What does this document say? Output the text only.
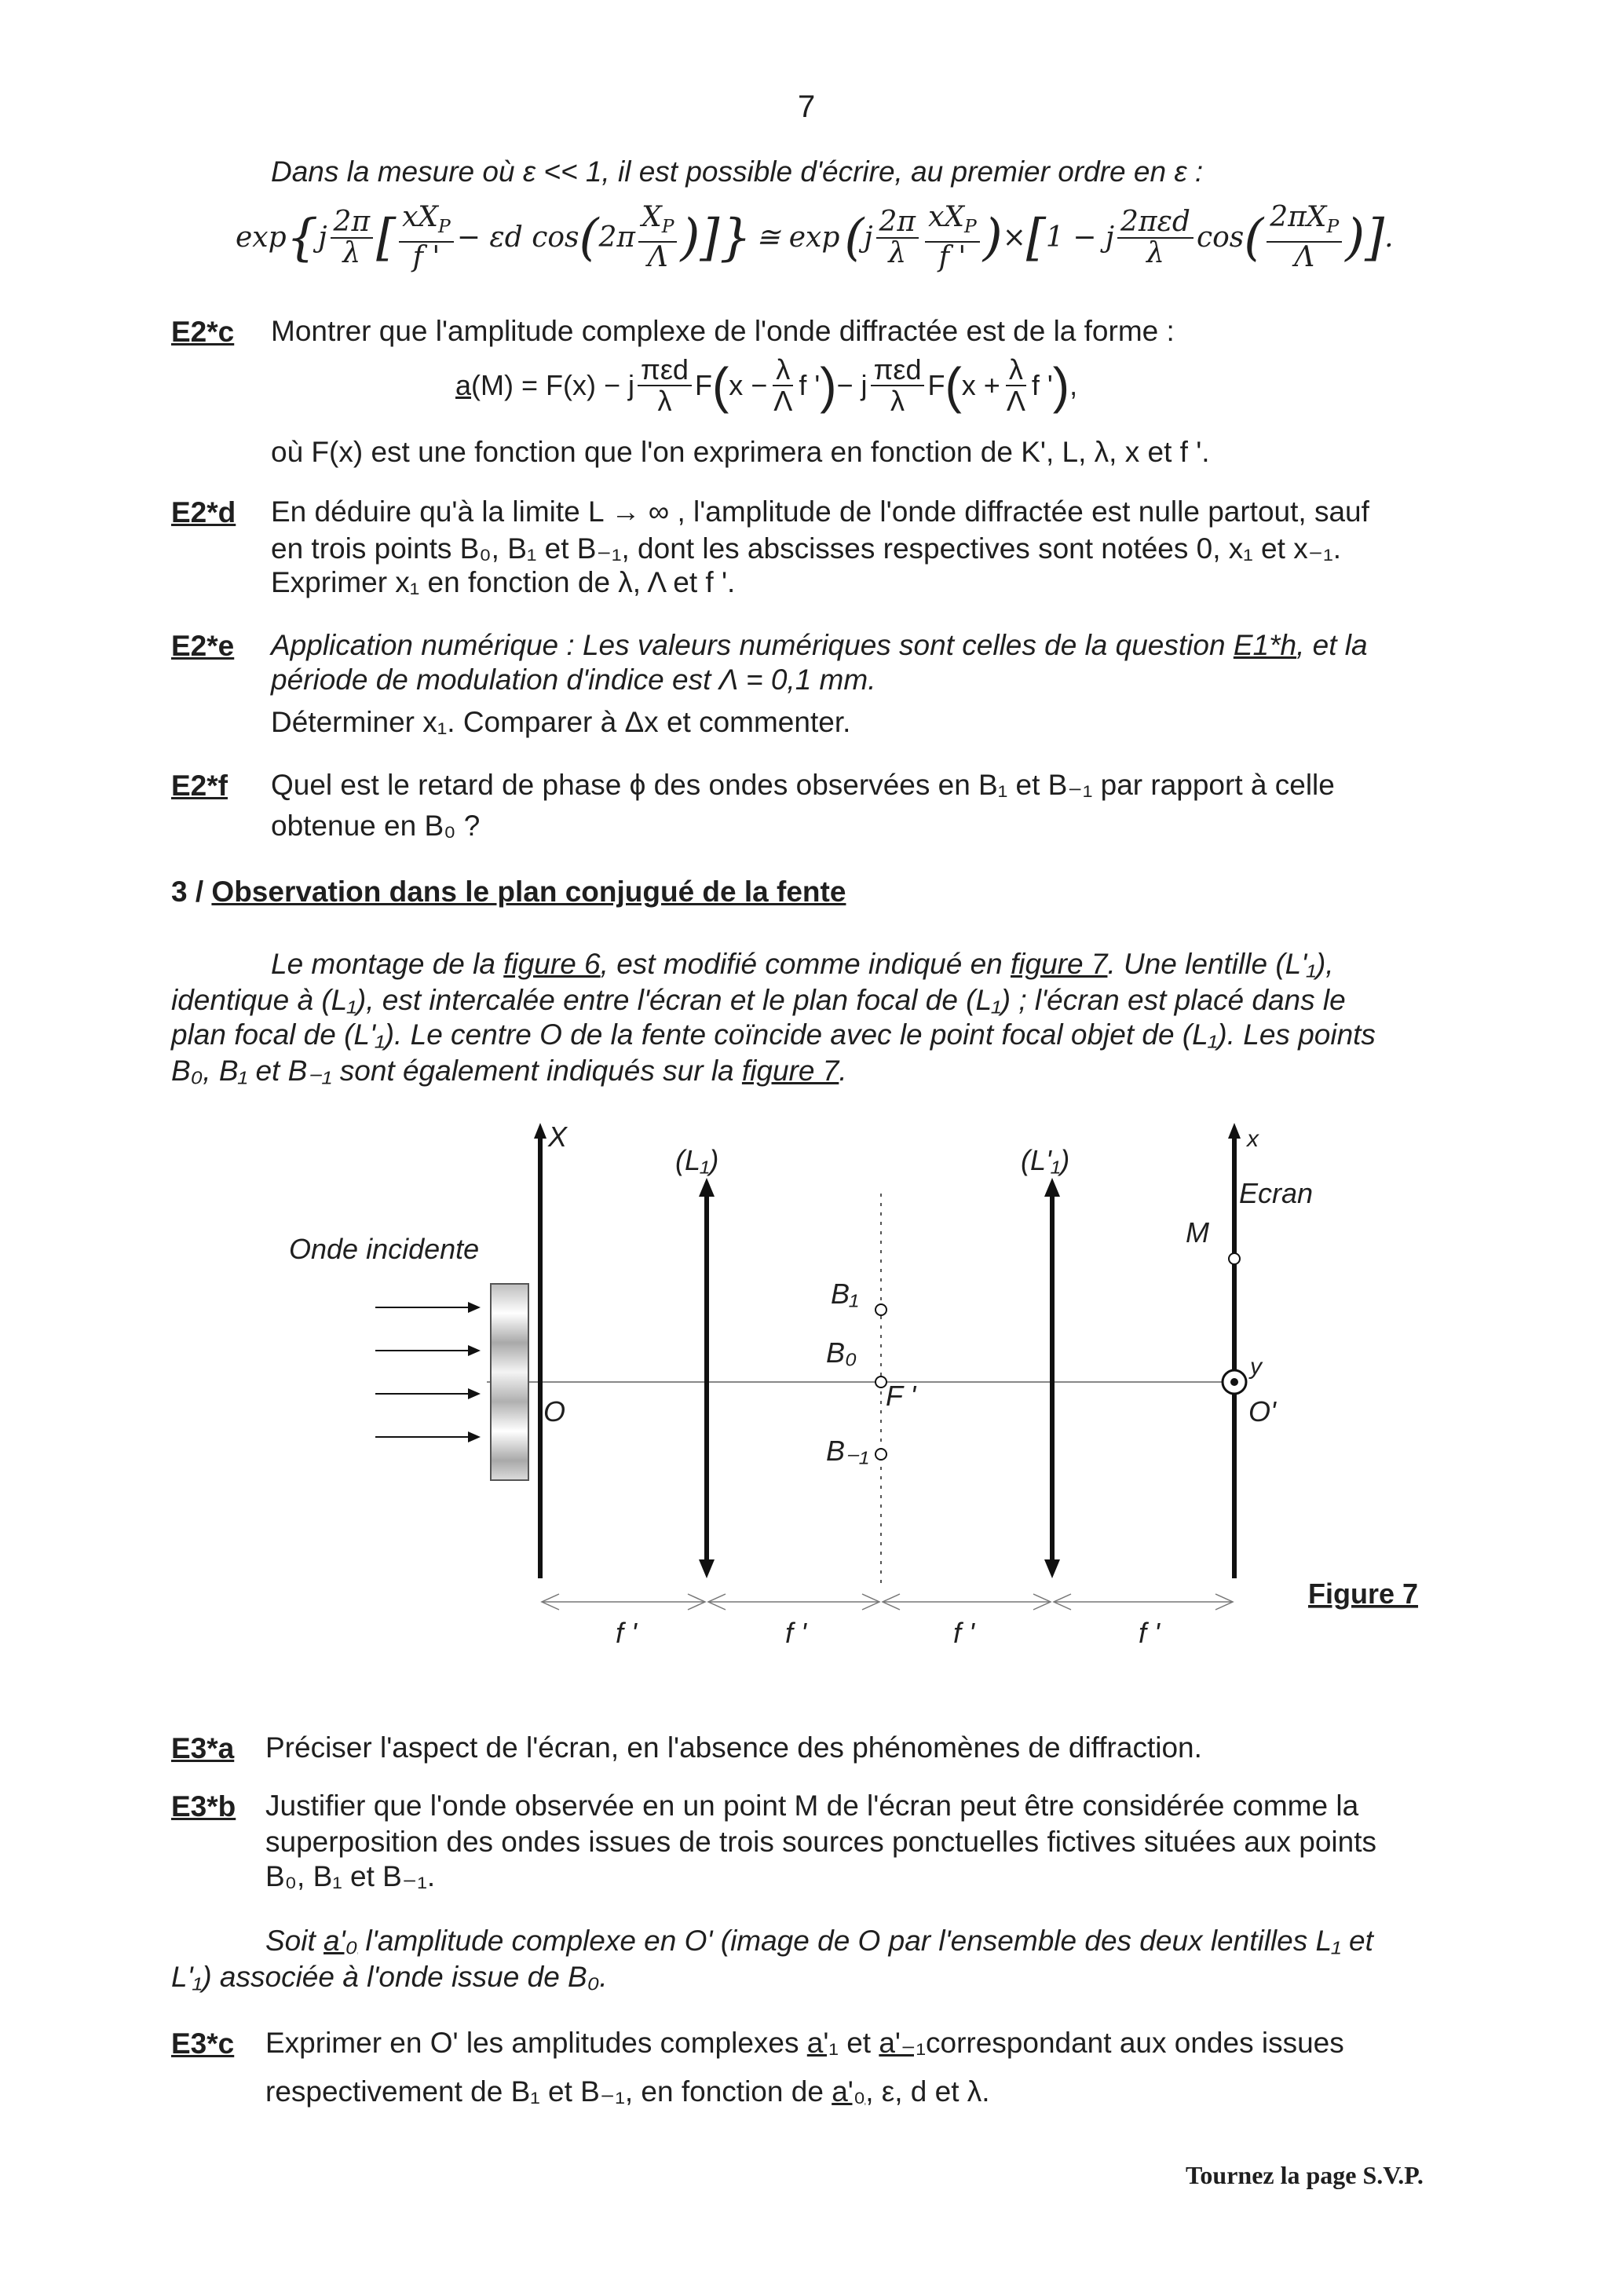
7
Dans la mesure où ε << 1, il est possible d'écrire, au premier ordre en ε :
exp { j $\frac{2\pi}{\lambda}$ [ $\frac{xX_P}{f '} - \varepsilon d$ cos ( $2\pi \frac{X_P}{\Lambda}$ )]} ≅ exp ( j $\frac{2\pi}{\lambda} \frac{xX_P}{f '}$ ) × [ 1 − j $\frac{\text{2πεd}}{\lambda}$ cos ( $\frac{2\pi X_P}{\Lambda}$ )] .
E2*c Montrer que l'amplitude complexe de l'onde diffractée est de la forme :
a (M) = F(x) − j $\frac{\text{πεd}}{\lambda}$ F ( $x - \frac{\lambda}{\Lambda}$ f ' ) − j $\frac{\text{πεd}}{\lambda}$ F ( $x + \frac{\lambda}{\Lambda}$ f ' ) ,
où F(x) est une fonction que l'on exprimera en fonction de K', L, λ, x et f '.
E2*d En déduire qu'à la limite L → ∞ , l'amplitude de l'onde diffractée est nulle partout, sauf
en trois points B₀, B₁ et B₋₁, dont les abscisses respectives sont notées 0, x₁ et x₋₁.
Exprimer x₁ en fonction de λ, Λ et f '.
E2*e Application numérique : Les valeurs numériques sont celles de la question E1*h, et la
période de modulation d'indice est Λ = 0,1 mm.
Déterminer x₁. Comparer à Δx et commenter.
E2*f Quel est le retard de phase ϕ des ondes observées en B₁ et B₋₁ par rapport à celle
obtenue en B₀ ?
3 / Observation dans le plan conjugué de la fente
Le montage de la figure 6, est modifié comme indiqué en figure 7. Une lentille (L'₁),
identique à (L₁), est intercalée entre l'écran et le plan focal de (L₁) ; l'écran est placé dans le
plan focal de (L'₁). Le centre O de la fente coïncide avec le point focal objet de (L₁). Les points
B₀, B₁ et B₋₁ sont également indiqués sur la figure 7.
Onde incidente
X
(L₁)	(L'₁)
x
Ecran
M
B₁
B₀
B₋₁
F '
O	O'
y
f '	f '	f '	f '
Figure 7
E3*a Préciser l'aspect de l'écran, en l'absence des phénomènes de diffraction.
E3*b Justifier que l'onde observée en un point M de l'écran peut être considérée comme la
superposition des ondes issues de trois sources ponctuelles fictives situées aux points
B₀, B₁ et B₋₁.
Soit a'₀ l'amplitude complexe en O' (image de O par l'ensemble des deux lentilles L₁ et
L'₁) associée à l'onde issue de B₀.
E3*c Exprimer en O' les amplitudes complexes a'₁ et a'₋₁correspondant aux ondes issues
respectivement de B₁ et B₋₁, en fonction de a'₀, ε, d et λ.
Tournez la page S.V.P.
